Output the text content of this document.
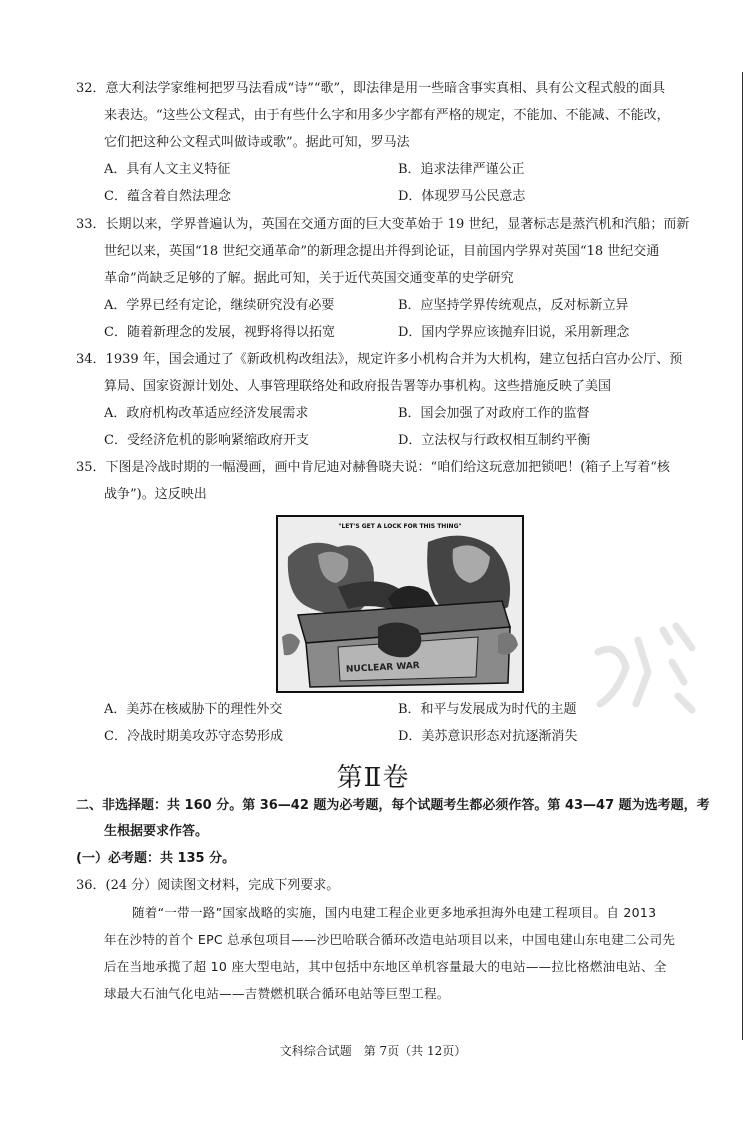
32．意大利法学家维柯把罗马法看成“诗”“歌”，即法律是用一些暗含事实真相、具有公文程式般的面具
来表达。“这些公文程式，由于有些什么字和用多少字都有严格的规定，不能加、不能减、不能改，
它们把这种公文程式叫做诗或歌”。据此可知，罗马法
A．具有人文主义特征	B．追求法律严谨公正
C．蕴含着自然法理念	D．体现罗马公民意志
33．长期以来，学界普遍认为，英国在交通方面的巨大变革始于 19 世纪，显著标志是蒸汽机和汽船；而新
世纪以来，英国“18 世纪交通革命”的新理念提出并得到论证，目前国内学界对英国“18 世纪交通
革命”尚缺乏足够的了解。据此可知，关于近代英国交通变革的史学研究
A．学界已经有定论，继续研究没有必要	B．应坚持学界传统观点，反对标新立异
C．随着新理念的发展，视野将得以拓宽	D．国内学界应该抛弃旧说，采用新理念
34．1939 年，国会通过了《新政机构改组法》，规定许多小机构合并为大机构，建立包括白宫办公厅、预
算局、国家资源计划处、人事管理联络处和政府报告署等办事机构。这些措施反映了美国
A．政府机构改革适应经济发展需求	B．国会加强了对政府工作的监督
C．受经济危机的影响紧缩政府开支	D．立法权与行政权相互制约平衡
35．下图是冷战时期的一幅漫画，画中肯尼迪对赫鲁晓夫说：“咱们给这玩意加把锁吧！(箱子上写着“核
战争”)。这反映出
"LET'S GET A LOCK FOR THIS THING"
NUCLEAR WAR
A．美苏在核威胁下的理性外交	B．和平与发展成为时代的主题
C．冷战时期美攻苏守态势形成	D．美苏意识形态对抗逐渐消失
第Ⅱ卷
二、非选择题：共 160 分。第 36—42 题为必考题，每个试题考生都必须作答。第 43—47 题为选考题，考
生根据要求作答。
(一）必考题：共 135 分。
36．(24 分）阅读图文材料，完成下列要求。
随着“一带一路”国家战略的实施，国内电建工程企业更多地承担海外电建工程项目。自 2013
年在沙特的首个 EPC 总承包项目——沙巴哈联合循环改造电站项目以来，中国电建山东电建二公司先
后在当地承揽了超 10 座大型电站，其中包括中东地区单机容量最大的电站——拉比格燃油电站、全
球最大石油气化电站——吉赞燃机联合循环电站等巨型工程。
文科综合试题　第 7页（共 12页）
